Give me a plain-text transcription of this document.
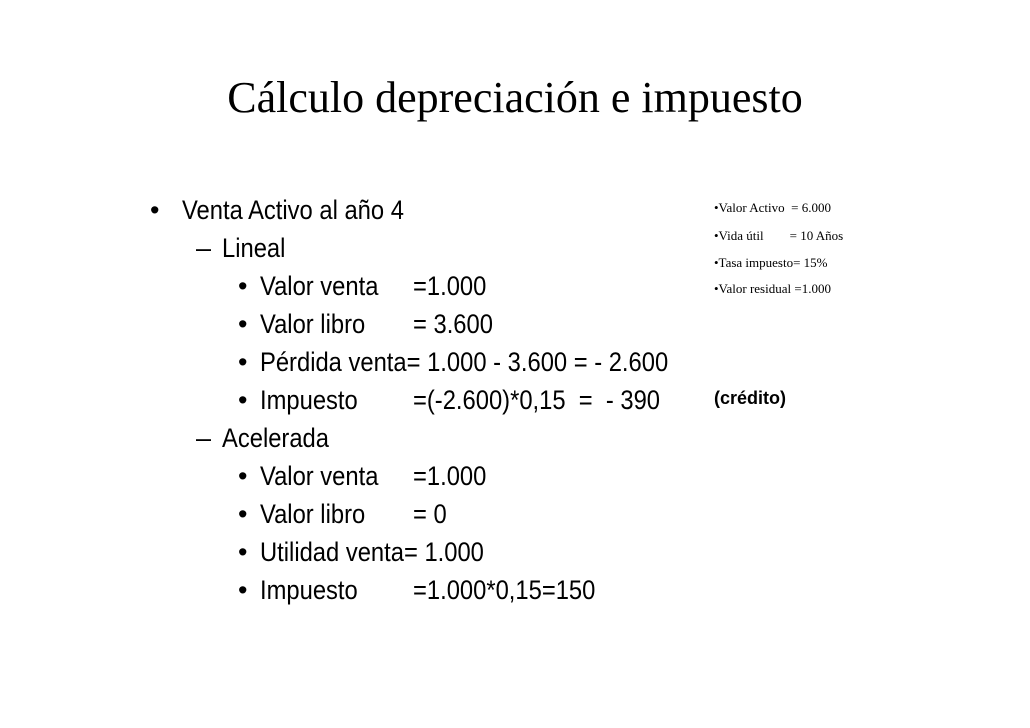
Cálculo depreciación e impuesto
• Venta Activo al año 4
– Lineal
• Valor venta =1.000
• Valor libro = 3.600
• Pérdida venta= 1.000 - 3.600 = - 2.600
• Impuesto =(-2.600)*0,15  =  - 390
– Acelerada
• Valor venta =1.000
• Valor libro = 0
• Utilidad venta= 1.000
• Impuesto =1.000*0,15=150
•Valor Activo  = 6.000
•Vida útil        = 10 Años
•Tasa impuesto= 15%
•Valor residual =1.000
(crédito)
